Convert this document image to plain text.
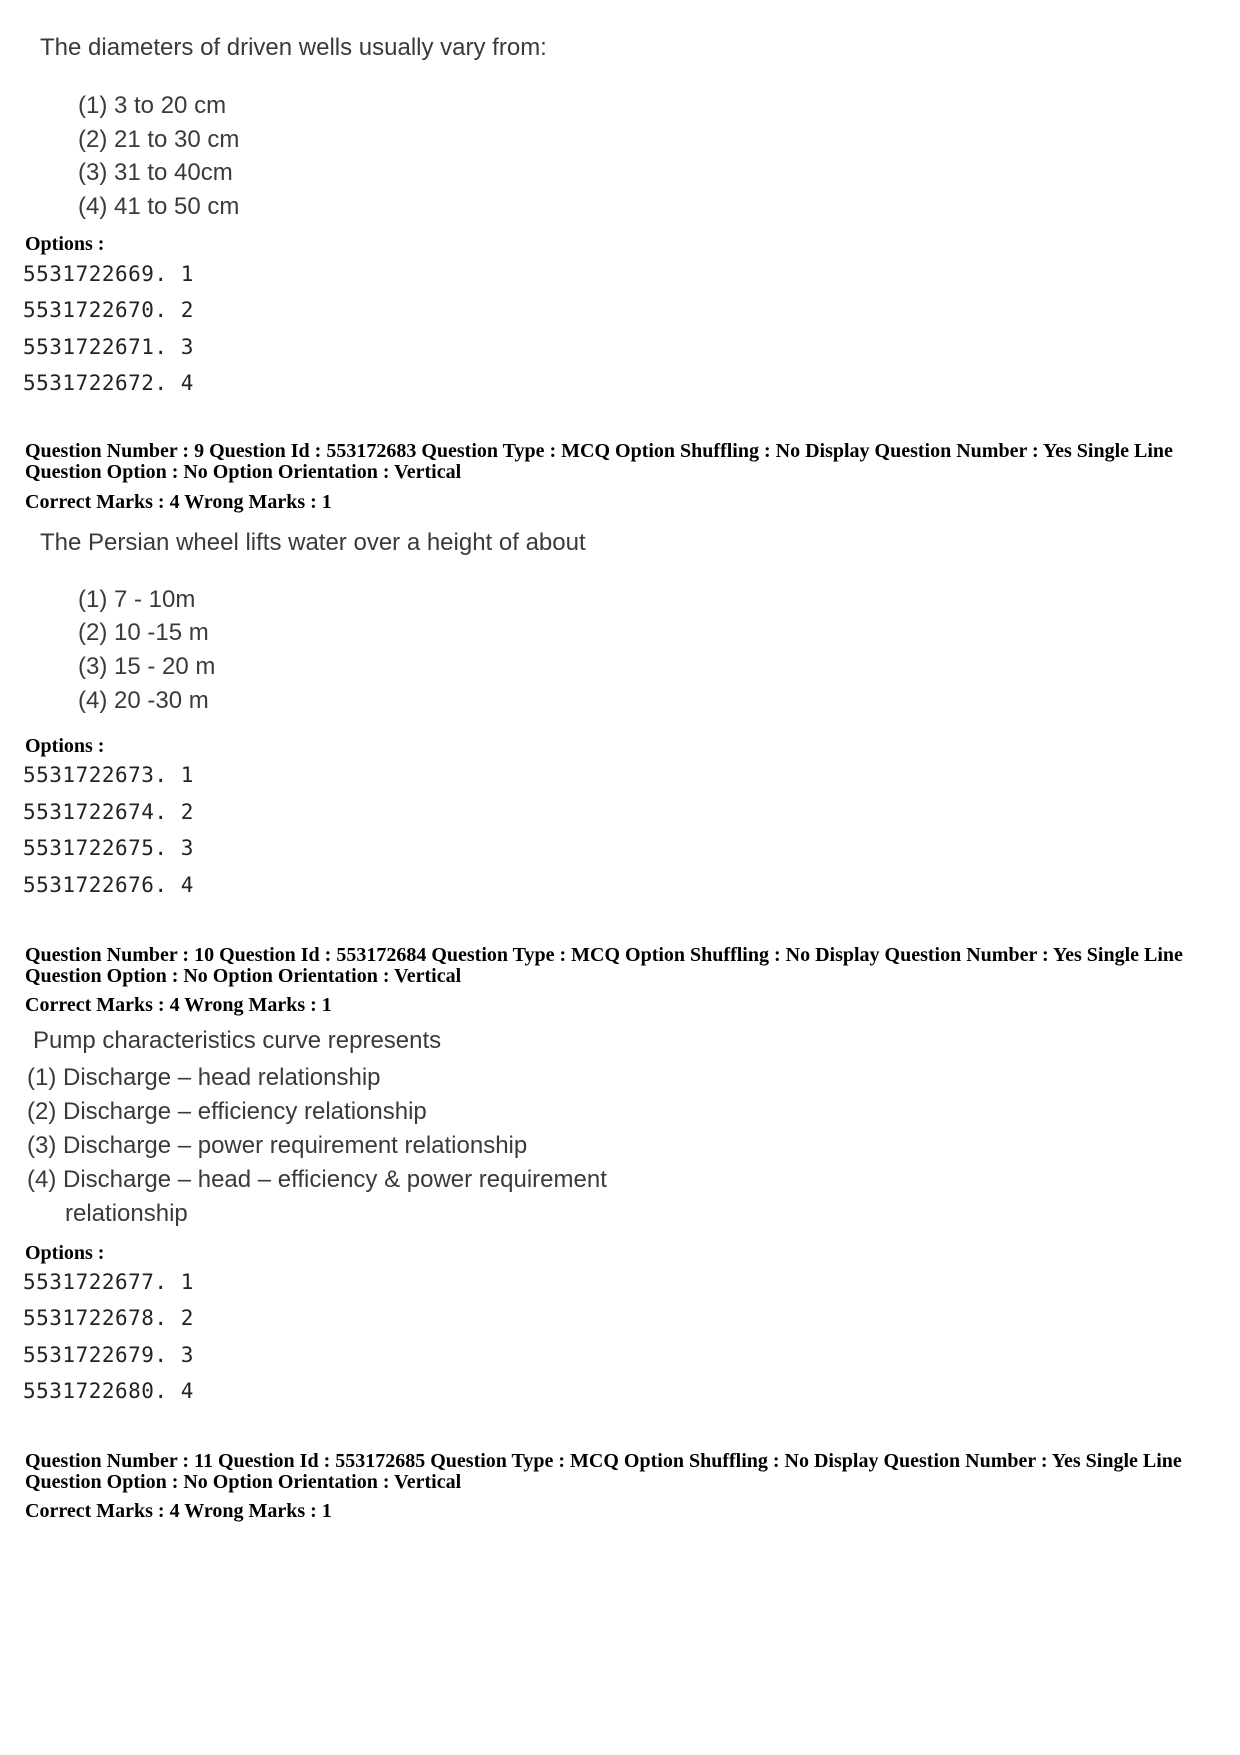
The diameters of driven wells usually vary from:
(1) 3 to 20 cm
(2) 21 to 30 cm
(3) 31 to 40cm
(4) 41 to 50 cm
Options :
5531722669. 1
5531722670. 2
5531722671. 3
5531722672. 4
Question Number : 9 Question Id : 553172683 Question Type : MCQ Option Shuffling : No Display Question Number : Yes Single Line Question Option : No Option Orientation : Vertical
Correct Marks : 4 Wrong Marks : 1
The Persian wheel lifts water over a height of about
(1) 7 - 10m
(2) 10 -15 m
(3) 15 - 20 m
(4) 20 -30 m
Options :
5531722673. 1
5531722674. 2
5531722675. 3
5531722676. 4
Question Number : 10 Question Id : 553172684 Question Type : MCQ Option Shuffling : No Display Question Number : Yes Single Line Question Option : No Option Orientation : Vertical
Correct Marks : 4 Wrong Marks : 1
Pump characteristics curve represents
(1) Discharge – head relationship
(2) Discharge – efficiency relationship
(3) Discharge – power requirement relationship
(4) Discharge – head – efficiency & power requirement
relationship
Options :
5531722677. 1
5531722678. 2
5531722679. 3
5531722680. 4
Question Number : 11 Question Id : 553172685 Question Type : MCQ Option Shuffling : No Display Question Number : Yes Single Line Question Option : No Option Orientation : Vertical
Correct Marks : 4 Wrong Marks : 1
